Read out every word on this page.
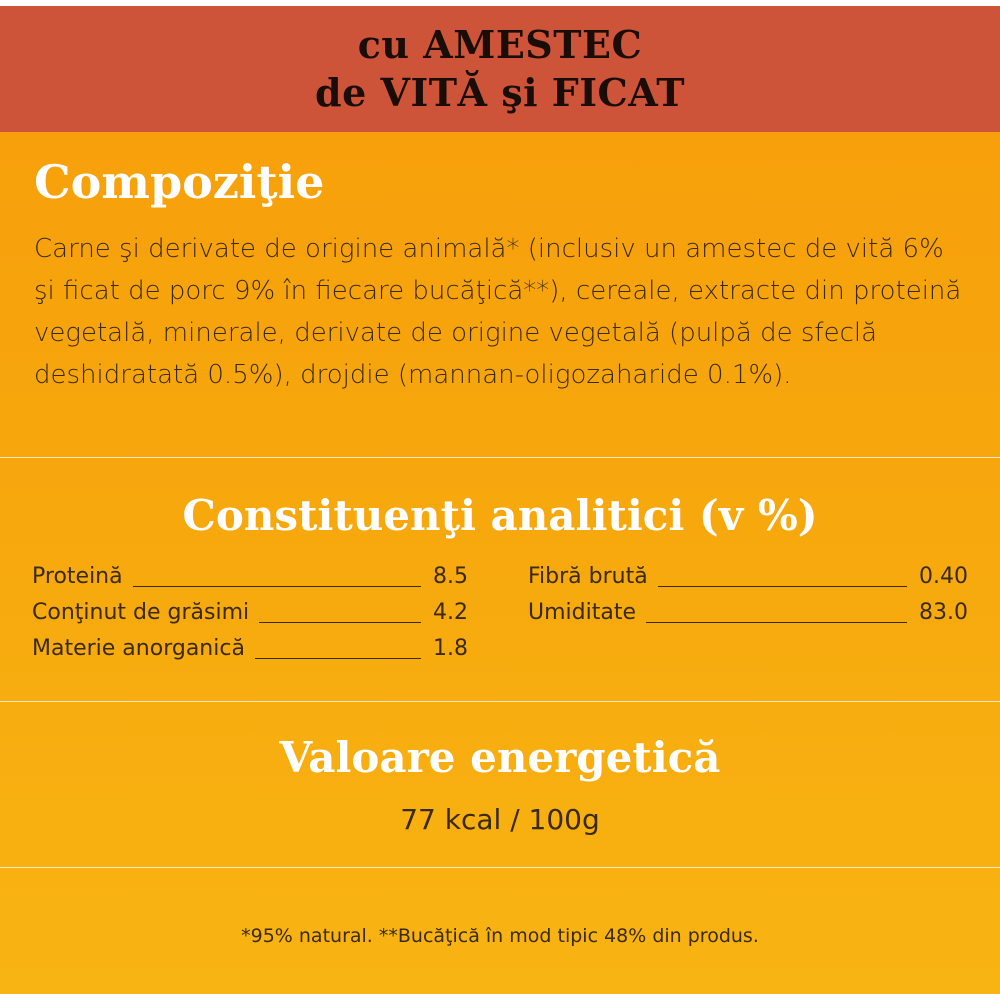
cu AMESTEC
de VITĂ şi FICAT
Compoziţie
Carne şi derivate de origine animală* (inclusiv un amestec de vită 6% şi ficat de porc 9% în fiecare bucăţică**), cereale, extracte din proteină vegetală, minerale, derivate de origine vegetală (pulpă de sfeclă deshidratată 0.5%), drojdie (mannan-oligozaharide 0.1%).
Constituenţi analitici (v %)
Proteină	8.5
Conţinut de grăsimi	4.2
Materie anorganică	1.8
Fibră brută	0.40
Umiditate	83.0
Valoare energetică
77 kcal / 100g
*95% natural. **Bucăţică în mod tipic 48% din produs.
